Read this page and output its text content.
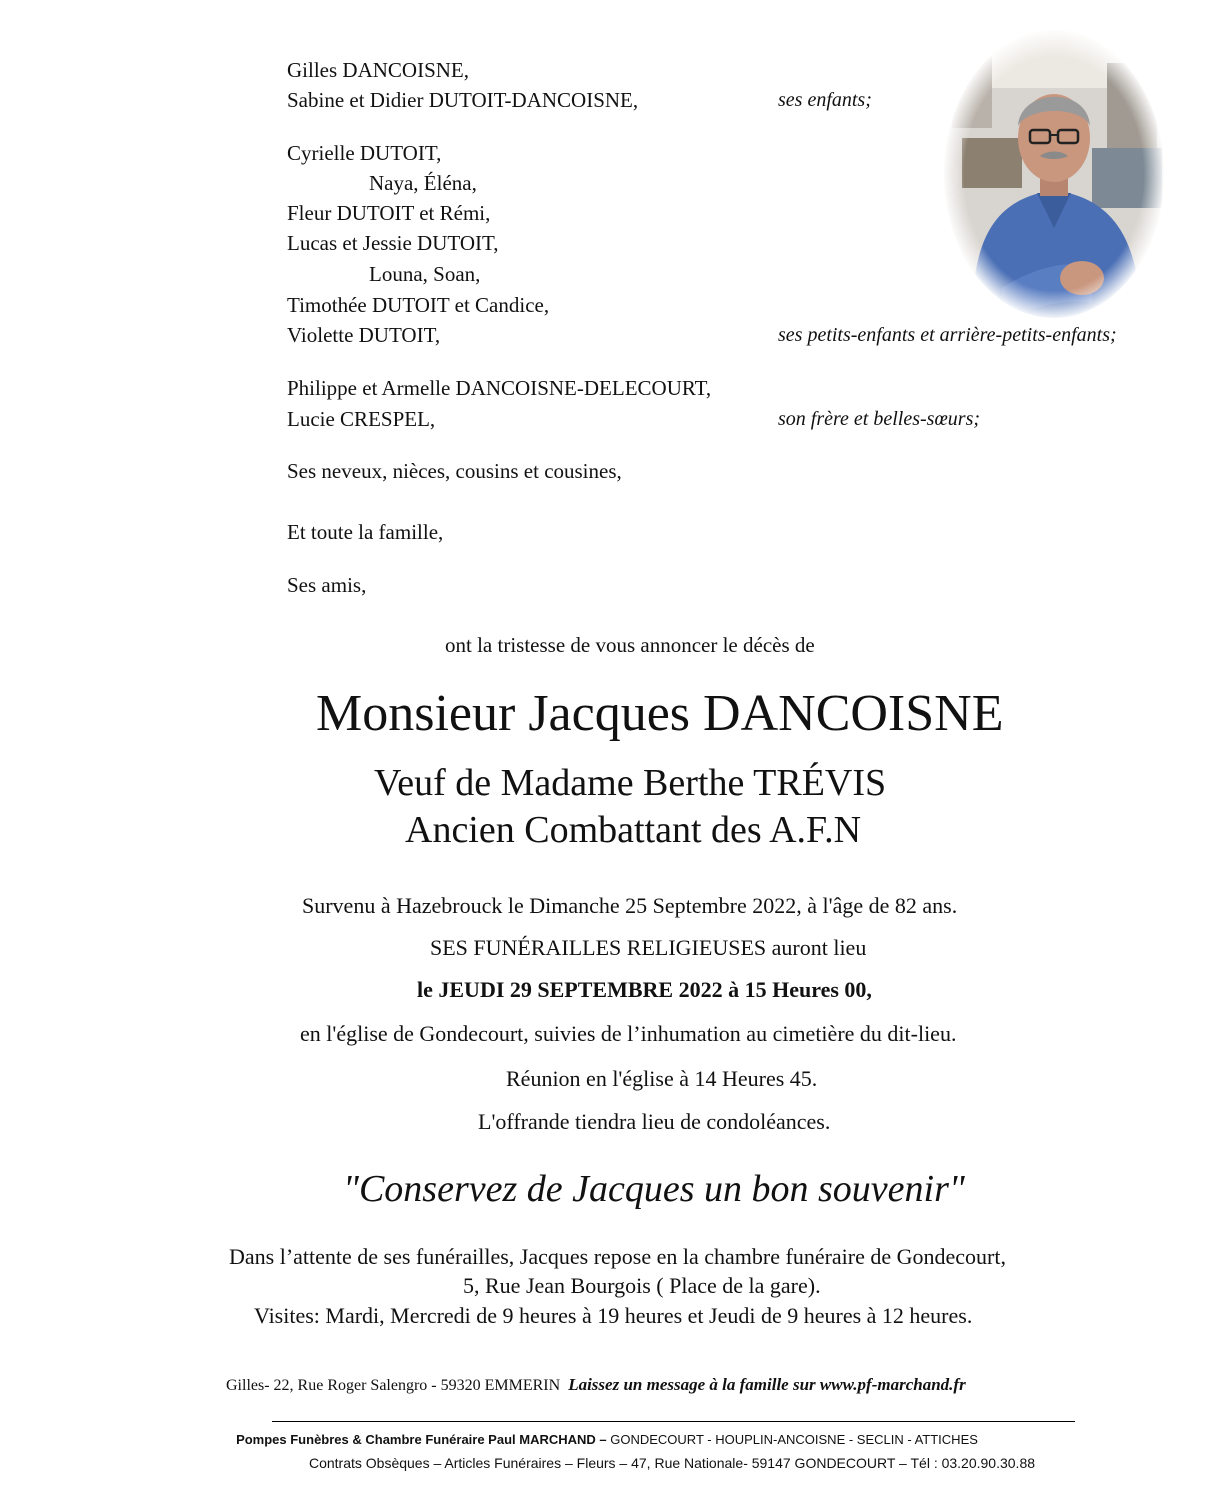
Gilles DANCOISNE,
Sabine et Didier DUTOIT-DANCOISNE,	ses enfants;
Cyrielle DUTOIT,
Naya, Éléna,
Fleur DUTOIT et Rémi,
Lucas et Jessie DUTOIT,
Louna, Soan,
Timothée DUTOIT et Candice,
Violette DUTOIT,	ses petits-enfants et arrière-petits-enfants;
Philippe et Armelle DANCOISNE-DELECOURT,
Lucie CRESPEL,	son frère et belles-sœurs;
Ses neveux, nièces, cousins et cousines,
Et toute la famille,
Ses amis,
ont la tristesse de vous annoncer le décès de
Monsieur Jacques DANCOISNE
Veuf de Madame Berthe TRÉVIS
Ancien Combattant des A.F.N
Survenu à Hazebrouck le Dimanche 25 Septembre 2022, à l'âge de 82 ans.
SES FUNÉRAILLES RELIGIEUSES auront lieu
le JEUDI 29 SEPTEMBRE 2022 à 15 Heures 00,
en l'église de Gondecourt, suivies de l’inhumation au cimetière du dit-lieu.
Réunion en l'église à 14 Heures 45.
L'offrande tiendra lieu de condoléances.
"Conservez de Jacques un bon souvenir"
Dans l’attente de ses funérailles, Jacques repose en la chambre funéraire de Gondecourt,
5, Rue Jean Bourgois ( Place de la gare).
Visites: Mardi, Mercredi de 9 heures à 19 heures et Jeudi de 9 heures à 12 heures.
Gilles- 22, Rue Roger Salengro - 59320 EMMERIN Laissez un message à la famille sur www.pf-marchand.fr
Pompes Funèbres & Chambre Funéraire Paul MARCHAND – GONDECOURT - HOUPLIN-ANCOISNE - SECLIN - ATTICHES
Contrats Obsèques – Articles Funéraires – Fleurs – 47, Rue Nationale- 59147 GONDECOURT – Tél : 03.20.90.30.88
